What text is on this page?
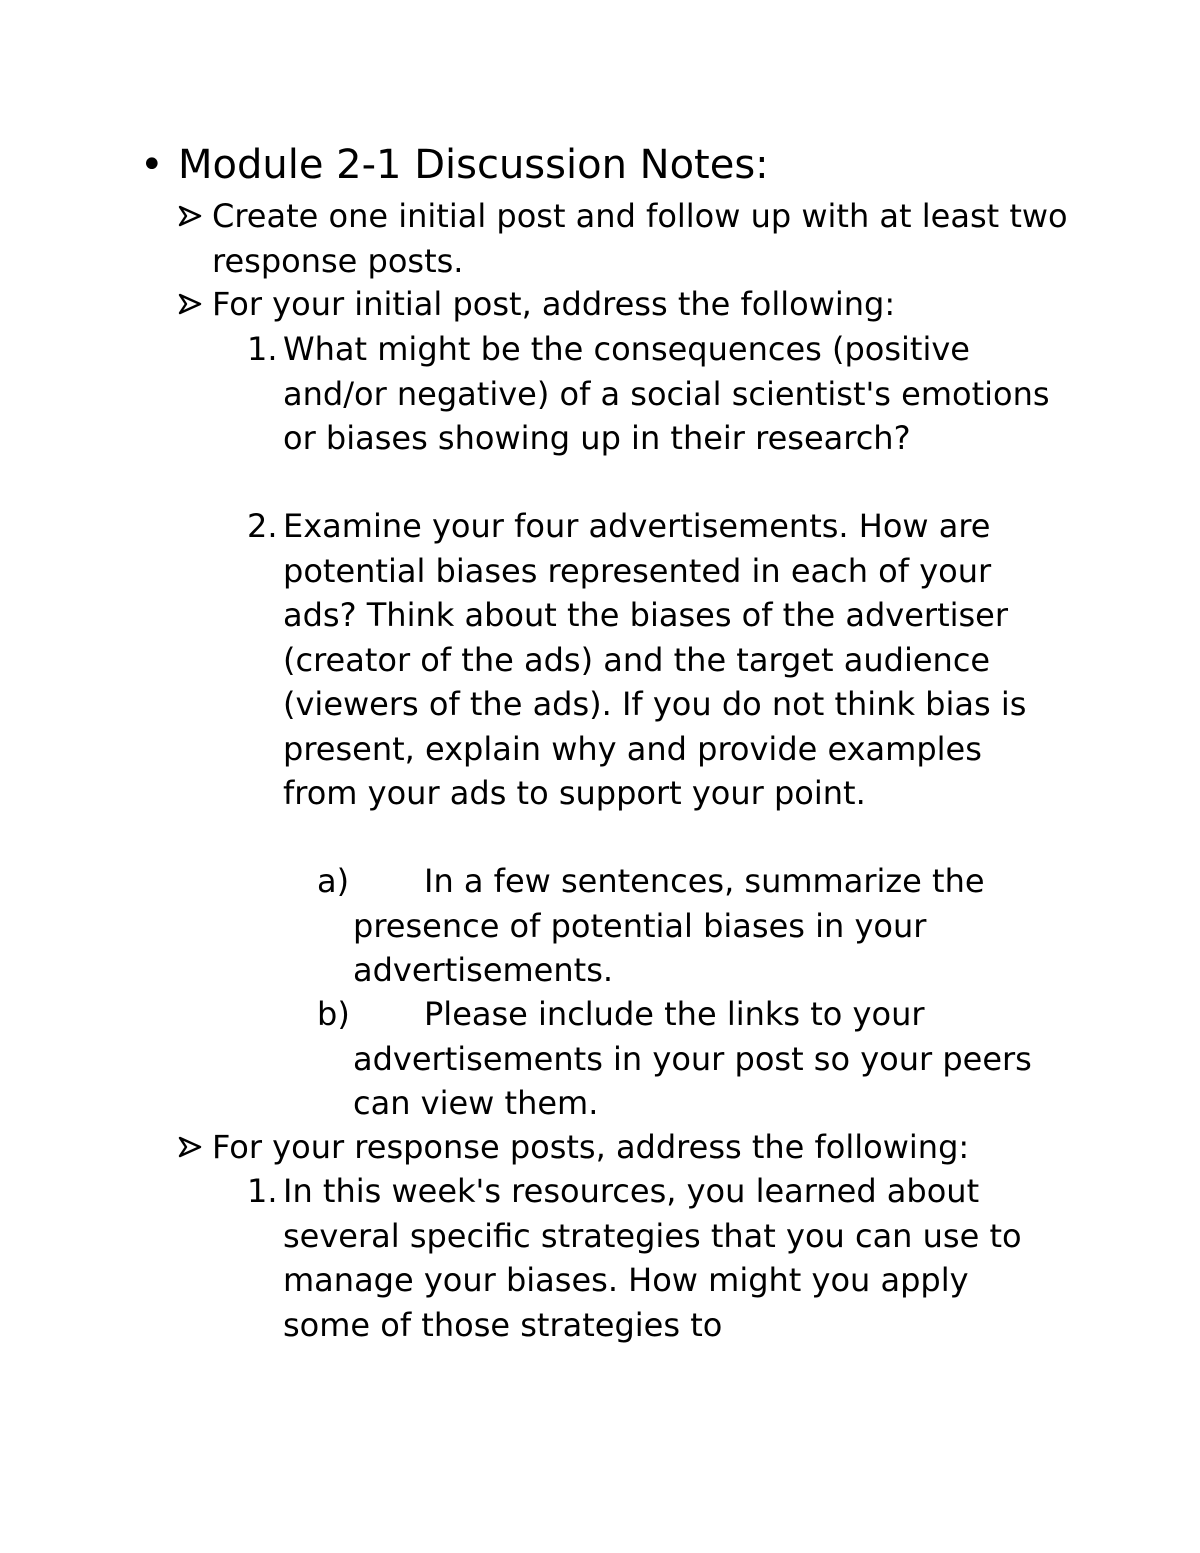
• Module 2-1 Discussion Notes:
Create one initial post and follow up with at least two response posts.
For your initial post, address the following:
1. What might be the consequences (positive and/or negative) of a social scientist's emotions or biases showing up in their research?
2. Examine your four advertisements. How are potential biases represented in each of your ads? Think about the biases of the advertiser (creator of the ads) and the target audience (viewers of the ads). If you do not think bias is present, explain why and provide examples from your ads to support your point.
a)	In a few sentences, summarize the presence of potential biases in your advertisements.
b)	Please include the links to your advertisements in your post so your peers can view them.
For your response posts, address the following:
1. In this week's resources, you learned about several specific strategies that you can use to manage your biases. How might you apply some of those strategies to
